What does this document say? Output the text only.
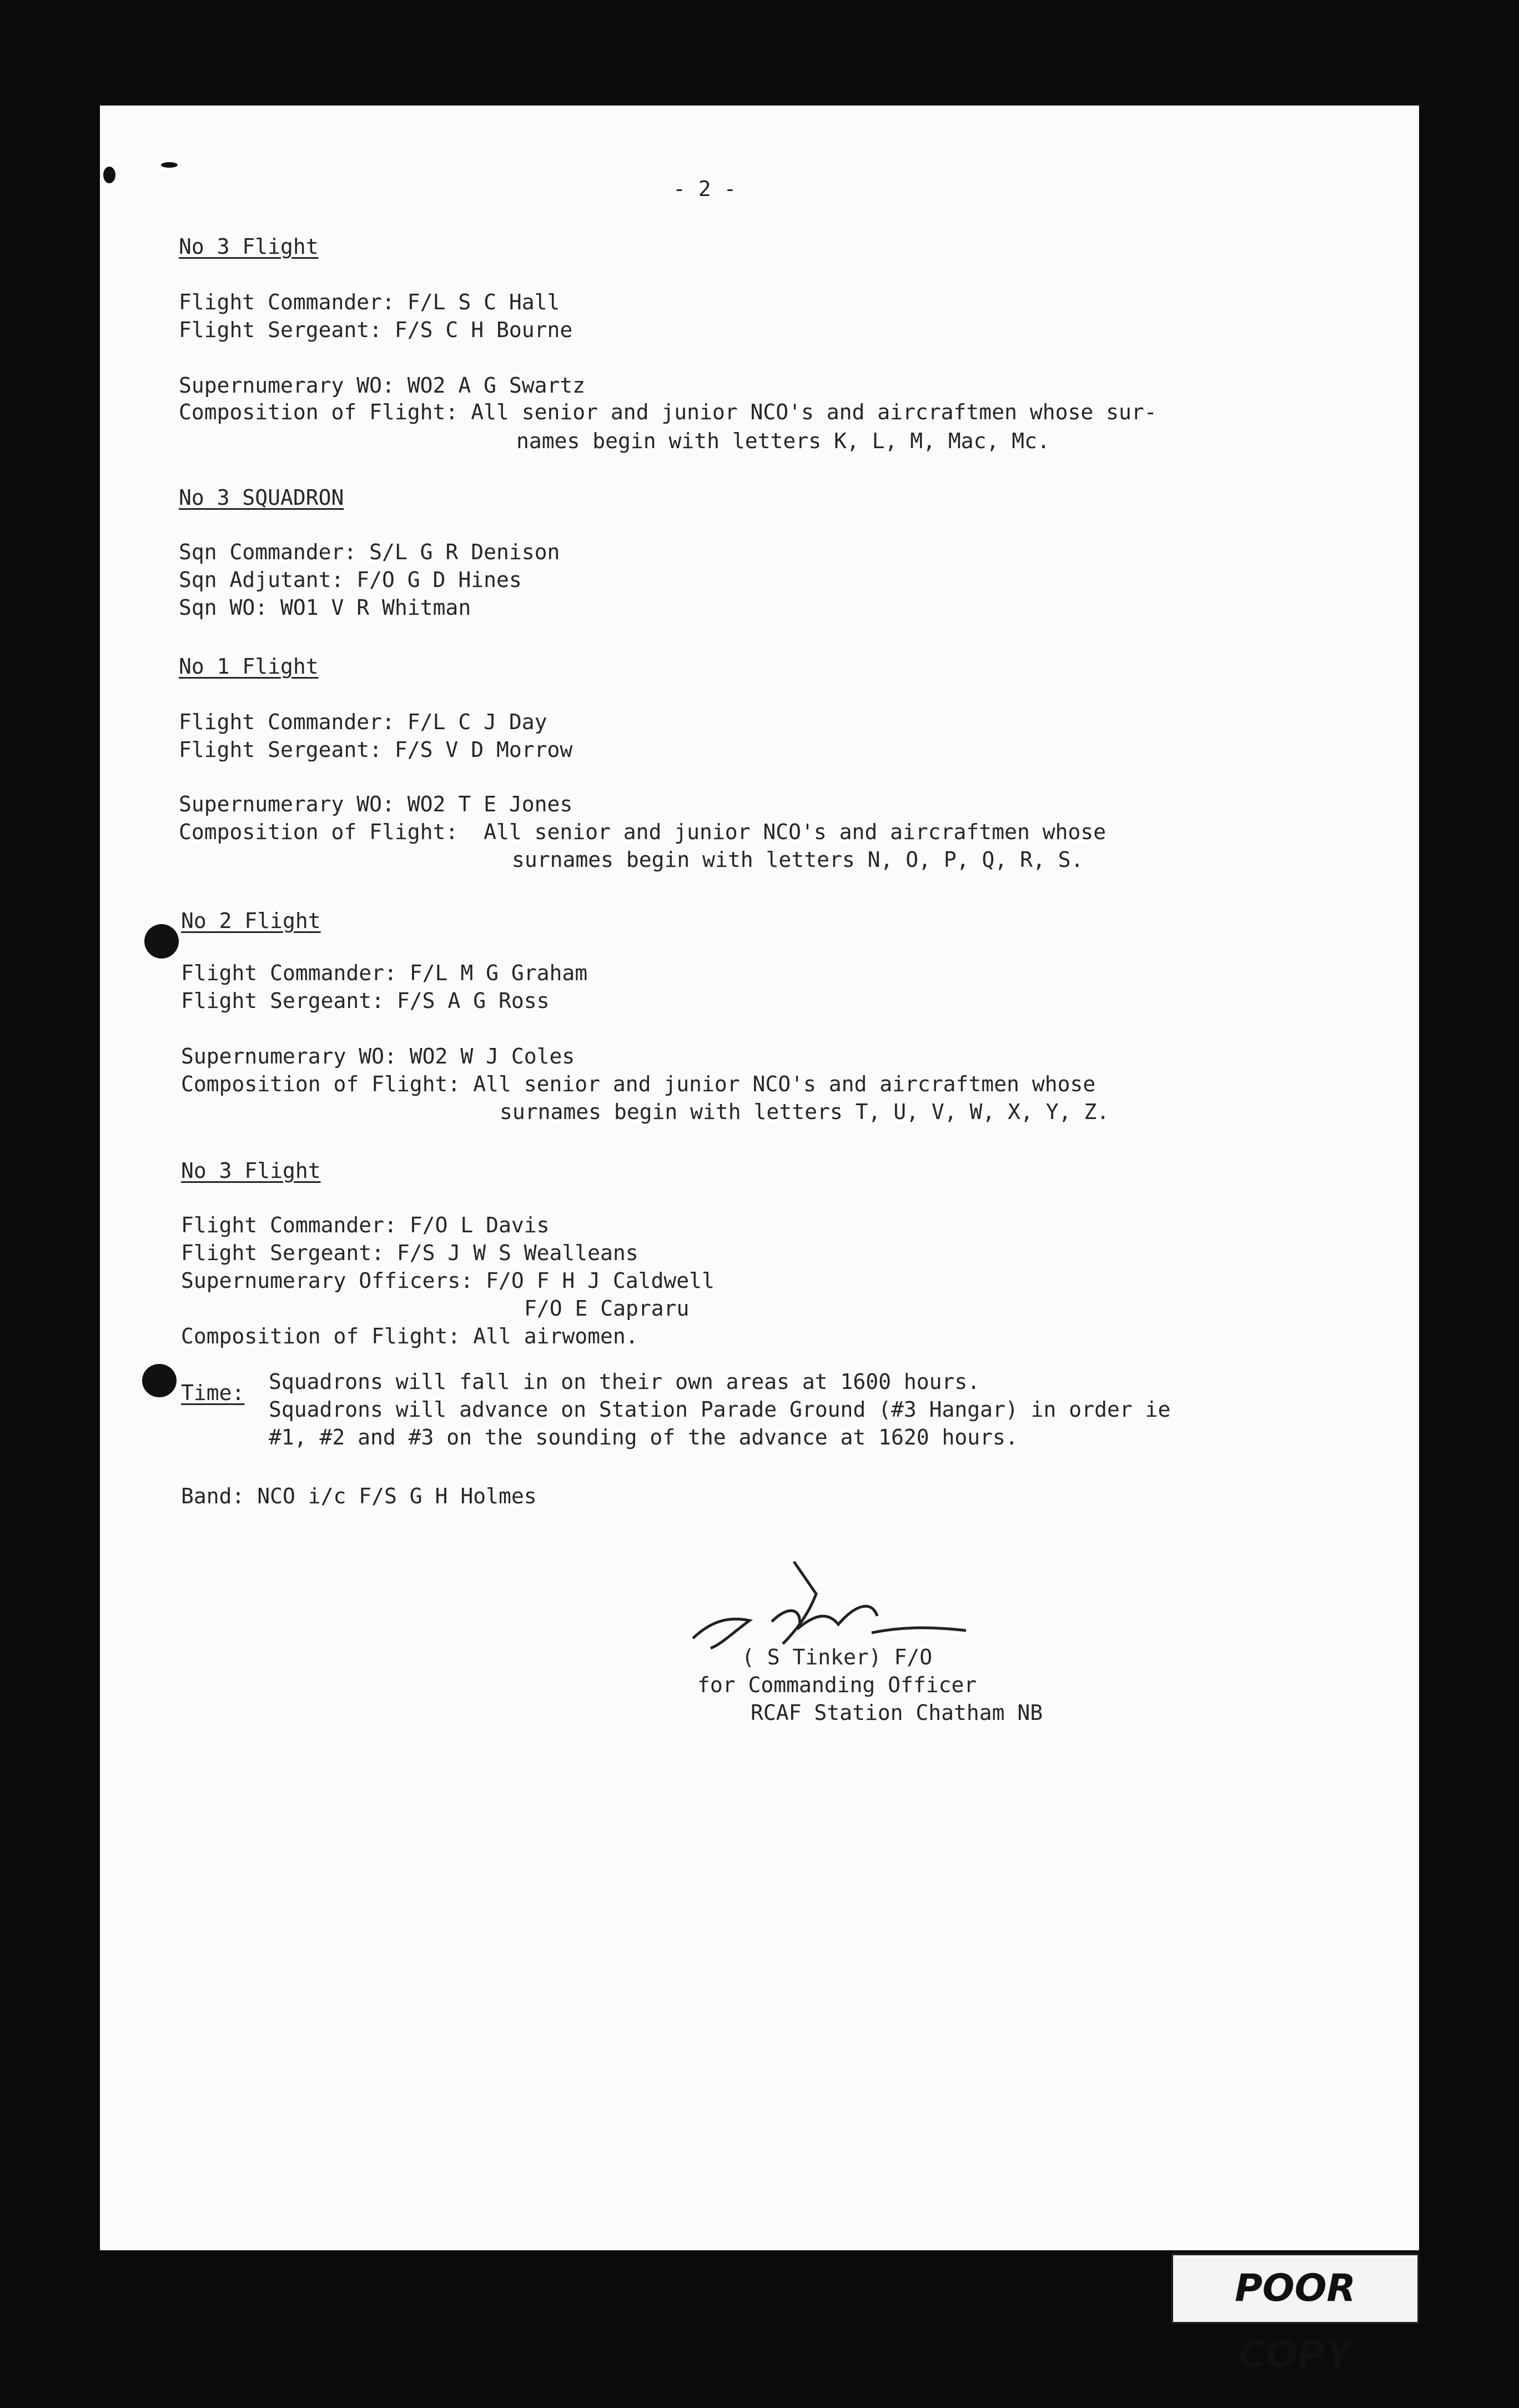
- 2 -
No 3 Flight
Flight Commander: F/L S C Hall
Flight Sergeant: F/S C H Bourne
Supernumerary WO: WO2 A G Swartz
Composition of Flight: All senior and junior NCO's and aircraftmen whose sur-
names begin with letters K, L, M, Mac, Mc.
No 3 SQUADRON
Sqn Commander: S/L G R Denison
Sqn Adjutant: F/O G D Hines
Sqn WO: WO1 V R Whitman
No 1 Flight
Flight Commander: F/L C J Day
Flight Sergeant: F/S V D Morrow
Supernumerary WO: WO2 T E Jones
Composition of Flight:  All senior and junior NCO's and aircraftmen whose
surnames begin with letters N, O, P, Q, R, S.
No 2 Flight
Flight Commander: F/L M G Graham
Flight Sergeant: F/S A G Ross
Supernumerary WO: WO2 W J Coles
Composition of Flight: All senior and junior NCO's and aircraftmen whose
surnames begin with letters T, U, V, W, X, Y, Z.
No 3 Flight
Flight Commander: F/O L Davis
Flight Sergeant: F/S J W S Wealleans
Supernumerary Officers: F/O F H J Caldwell
F/O E Capraru
Composition of Flight: All airwomen.
Time: Squadrons will fall in on their own areas at 1600 hours.
Squadrons will advance on Station Parade Ground (#3 Hangar) in order ie
#1, #2 and #3 on the sounding of the advance at 1620 hours.
Band: NCO i/c F/S G H Holmes
( S Tinker) F/O
for Commanding Officer
RCAF Station Chatham NB
POOR COPY
